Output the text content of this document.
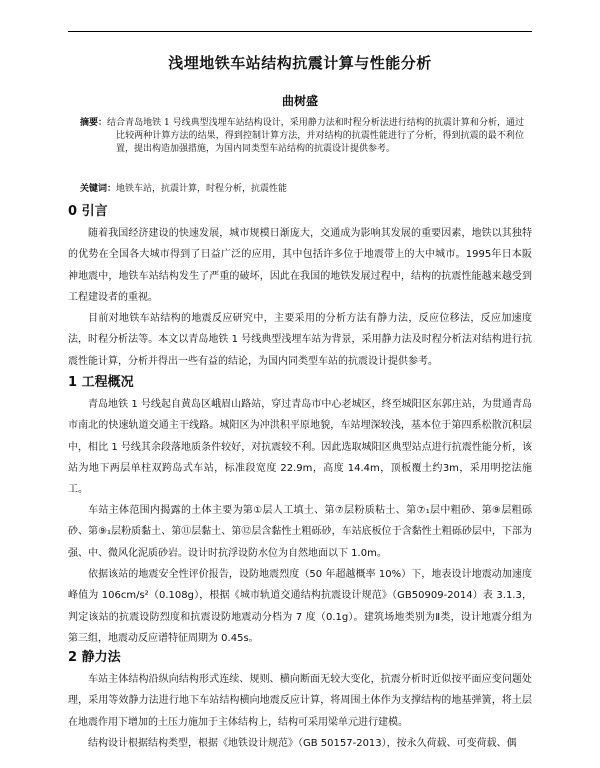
浅埋地铁车站结构抗震计算与性能分析
曲树盛
摘要：结合青岛地铁 1 号线典型浅埋车站结构设计，采用静力法和时程分析法进行结构的抗震计算和分析，通过比较两种计算方法的结果，得到控制计算方法，并对结构的抗震性能进行了分析，得到抗震的最不利位置，提出构造加强措施，为国内同类型车站结构的抗震设计提供参考。
关键词：地铁车站，抗震计算，时程分析，抗震性能
0 引言
随着我国经济建设的快速发展，城市规模日渐庞大，交通成为影响其发展的重要因素，地铁以其独特的优势在全国各大城市得到了日益广泛的应用，其中包括许多位于地震带上的大中城市。1995年日本阪神地震中，地铁车站结构发生了严重的破坏，因此在我国的地铁发展过程中，结构的抗震性能越来越受到工程建设者的重视。
目前对地铁车站结构的地震反应研究中，主要采用的分析方法有静力法，反应位移法，反应加速度法，时程分析法等。本文以青岛地铁 1 号线典型浅埋车站为背景，采用静力法及时程分析法对结构进行抗震性能计算，分析并得出一些有益的结论，为国内同类型车站的抗震设计提供参考。
1 工程概况
青岛地铁 1 号线起自黄岛区峨眉山路站，穿过青岛市中心老城区，终至城阳区东郭庄站，为贯通青岛市南北的快速轨道交通主干线路。城阳区为冲洪积平原地貌，车站埋深较浅，基本位于第四系松散沉积层中，相比 1 号线其余段落地质条件较好，对抗震较不利。因此选取城阳区典型站点进行抗震性能分析，该站为地下两层单柱双跨岛式车站，标准段宽度 22.9m，高度 14.4m，顶板覆土约3m，采用明挖法施工。
车站主体范围内揭露的土体主要为第①层人工填土、第⑦层粉质粘土、第⑦₁层中粗砂、第⑨层粗砾砂、第⑨₁层粉质黏土、第⑪层黏土、第⑫层含黏性土粗砾砂，车站底板位于含黏性土粗砾砂层中，下部为强、中、微风化泥质砂岩。设计时抗浮设防水位为自然地面以下 1.0m。
依据该站的地震安全性评价报告，设防地震烈度（50 年超越概率 10%）下，地表设计地震动加速度峰值为 106cm/s²（0.108g），根据《城市轨道交通结构抗震设计规范》（GB50909-2014）表 3.1.3，判定该站的抗震设防烈度和抗震设防地震动分档为 7 度（0.1g）。建筑场地类别为Ⅱ类，设计地震分组为第三组，地震动反应谱特征周期为 0.45s。
2 静力法
车站主体结构沿纵向结构形式连续、规则、横向断面无较大变化，抗震分析时近似按平面应变问题处理，采用等效静力法进行地下车站结构横向地震反应计算，将周围土体作为支撑结构的地基弹簧，将土层在地震作用下增加的土压力施加于主体结构上，结构可采用梁单元进行建模。
结构设计根据结构类型，根据《地铁设计规范》（GB 50157-2013），按永久荷载、可变荷载、偶
